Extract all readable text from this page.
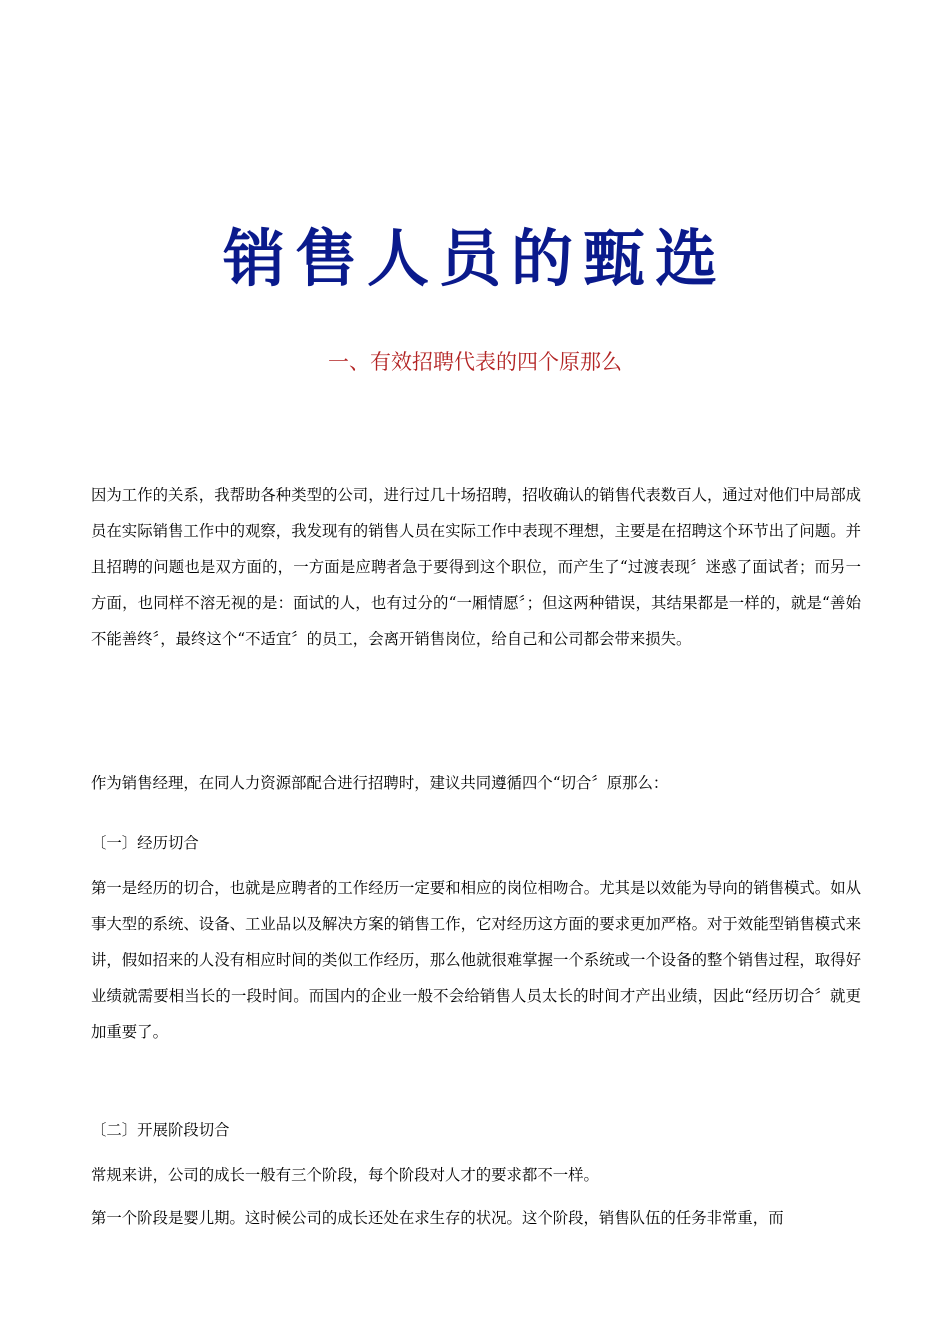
销售人员的甄选
一、有效招聘代表的四个原那么
因为工作的关系，我帮助各种类型的公司，进行过几十场招聘，招收确认的销售代表数百人，通过对他们中局部成员在实际销售工作中的观察，我发现有的销售人员在实际工作中表现不理想，主要是在招聘这个环节出了问题。并且招聘的问题也是双方面的，一方面是应聘者急于要得到这个职位，而产生了“过渡表现〞迷惑了面试者；而另一方面，也同样不溶无视的是：面试的人，也有过分的“一厢情愿〞；但这两种错误，其结果都是一样的，就是“善始不能善终〞，最终这个“不适宜〞的员工，会离开销售岗位，给自己和公司都会带来损失。
作为销售经理，在同人力资源部配合进行招聘时，建议共同遵循四个“切合〞原那么：
〔一〕经历切合
第一是经历的切合，也就是应聘者的工作经历一定要和相应的岗位相吻合。尤其是以效能为导向的销售模式。如从事大型的系统、设备、工业品以及解决方案的销售工作，它对经历这方面的要求更加严格。对于效能型销售模式来讲，假如招来的人没有相应时间的类似工作经历，那么他就很难掌握一个系统或一个设备的整个销售过程，取得好业绩就需要相当长的一段时间。而国内的企业一般不会给销售人员太长的时间才产出业绩，因此“经历切合〞就更加重要了。
〔二〕开展阶段切合
常规来讲，公司的成长一般有三个阶段，每个阶段对人才的要求都不一样。
第一个阶段是婴儿期。这时候公司的成长还处在求生存的状况。这个阶段，销售队伍的任务非常重，而
